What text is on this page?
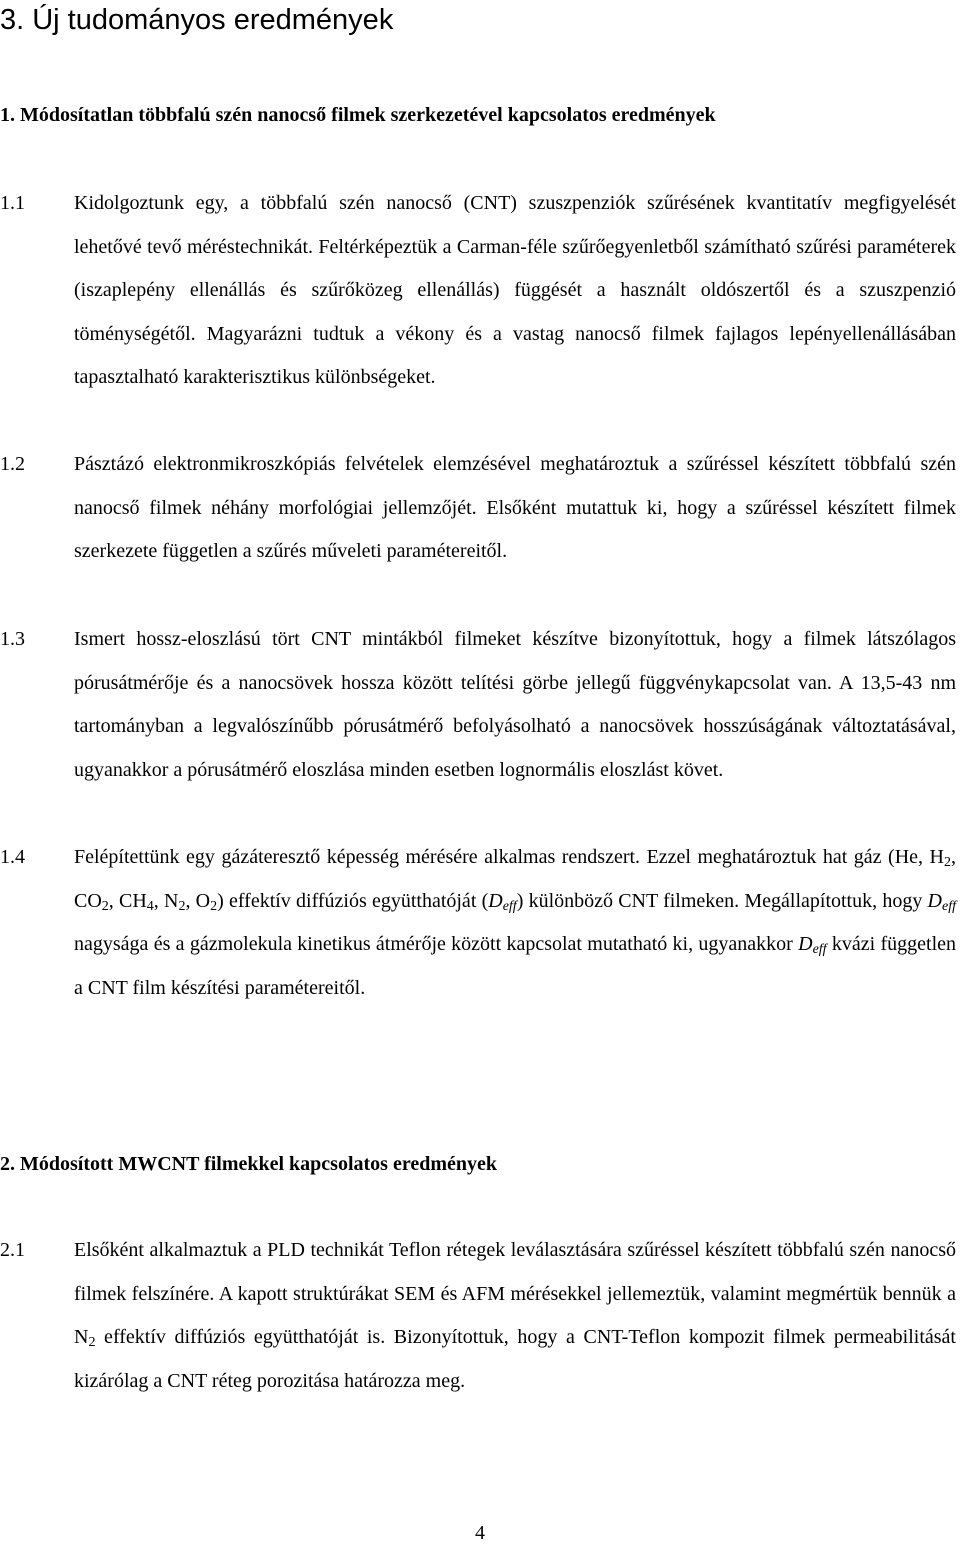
3. Új tudományos eredmények
1. Módosítatlan többfalú szén nanocső filmek szerkezetével kapcsolatos eredmények
1.1 Kidolgoztunk egy, a többfalú szén nanocső (CNT) szuszpenziók szűrésének kvantitatív megfigyelését lehetővé tevő méréstechnikát. Feltérképeztük a Carman-féle szűrőegyenletből számítható szűrési paraméterek (iszaplepény ellenállás és szűrőközeg ellenállás) függését a használt oldószertől és a szuszpenzió töménységétől. Magyarázni tudtuk a vékony és a vastag nanocső filmek fajlagos lepényellenállásában tapasztalható karakterisztikus különbségeket.

1.2 Pásztázó elektronmikroszkópiás felvételek elemzésével meghatároztuk a szűréssel készített többfalú szén nanocső filmek néhány morfológiai jellemzőjét. Elsőként mutattuk ki, hogy a szűréssel készített filmek szerkezete független a szűrés műveleti paramétereitől.

1.3 Ismert hossz-eloszlású tört CNT mintákból filmeket készítve bizonyítottuk, hogy a filmek látszólagos pórusátmérője és a nanocsövek hossza között telítési görbe jellegű függvénykapcsolat van. A 13,5-43 nm tartományban a legvalószínűbb pórusátmérő befolyásolható a nanocsövek hosszúságának változtatásával, ugyanakkor a pórusátmérő eloszlása minden esetben lognormális eloszlást követ.

1.4 Felépítettünk egy gázáteresztő képesség mérésére alkalmas rendszert. Ezzel meghatároztuk hat gáz (He, $H_2$, $CO_2$, $CH_4$, $N_2$, $O_2$) effektív diffúziós együtthatóját $(D_{eff})$ különböző CNT filmeken. Megállapítottuk, hogy $D_{eff}$ nagysága és a gázmolekula kinetikus átmérője között kapcsolat mutatható ki, ugyanakkor $D_{eff}$ kvázi független a CNT film készítési paramétereitől.

2. Módosított MWCNT filmekkel kapcsolatos eredmények
2.1 Elsőként alkalmaztuk a PLD technikát Teflon rétegek leválasztására szűréssel készített többfalú szén nanocső filmek felszínére. A kapott struktúrákat SEM és AFM mérésekkel jellemeztük, valamint megmértük bennük a $N_2$ effektív diffúziós együtthatóját is. Bizonyítottuk, hogy a CNT-Teflon kompozit filmek permeabilitását kizárólag a CNT réteg porozitása határozza meg.

4
